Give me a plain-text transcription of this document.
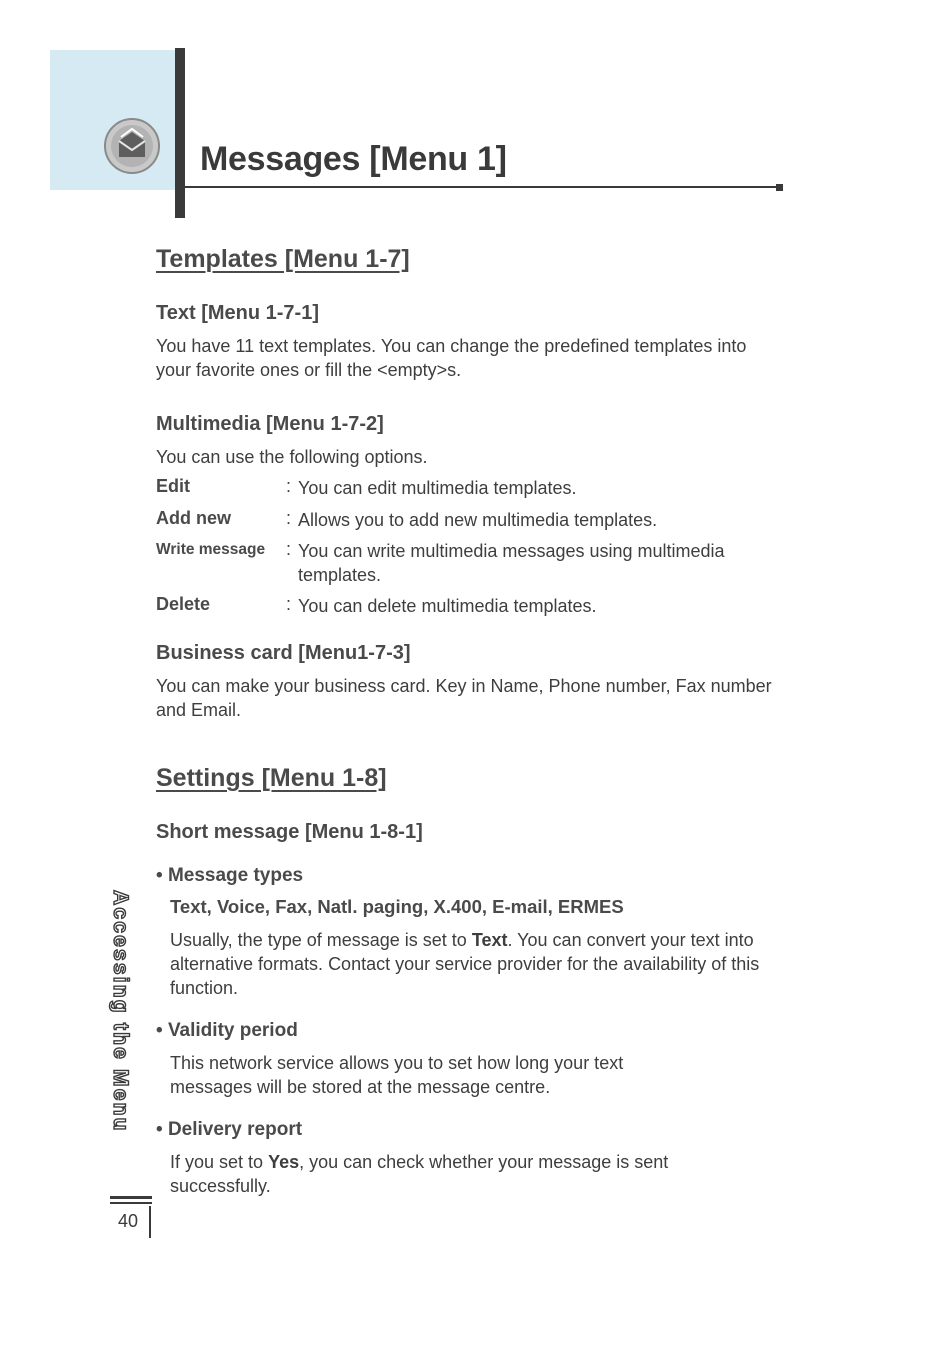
Messages [Menu 1]
Templates [Menu 1-7]
Text [Menu 1-7-1]
You have 11 text templates. You can change the predefined templates into your favorite ones or fill the <empty>s.
Multimedia [Menu 1-7-2]
You can use the following options.
Edit	: You can edit multimedia templates.
Add new	: Allows you to add new multimedia templates.
Write message : You can write multimedia messages using multimedia templates.
Delete	: You can delete multimedia templates.
Business card [Menu1-7-3]
You can make your business card. Key in Name, Phone number, Fax number and Email.
Settings [Menu 1-8]
Short message [Menu 1-8-1]
• Message types
Text, Voice, Fax, Natl. paging, X.400, E-mail, ERMES
Usually, the type of message is set to Text. You can convert your text into alternative formats. Contact your service provider for the availability of this function.
• Validity period
This network service allows you to set how long your text messages will be stored at the message centre.
• Delivery report
If you set to Yes, you can check whether your message is sent successfully.
Accessing the Menu
40
